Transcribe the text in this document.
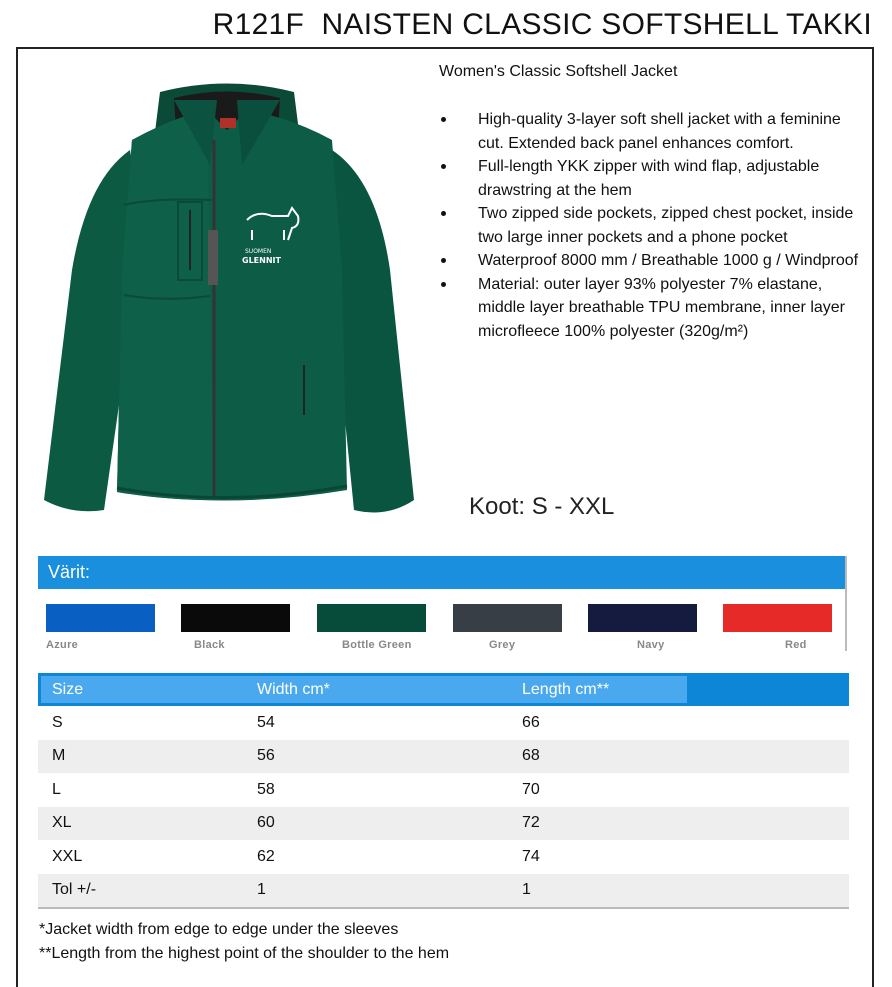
R121F  NAISTEN CLASSIC SOFTSHELL TAKKI
SUOMEN
GLENNIT
Women's Classic Softshell Jacket
High-quality 3-layer soft shell jacket with a feminine cut. Extended back panel enhances comfort.
Full-length YKK zipper with wind flap, adjustable drawstring at the hem
Two zipped side pockets, zipped chest pocket, inside two large inner pockets and a phone pocket
Waterproof 8000 mm / Breathable 1000 g / Windproof
Material: outer layer 93% polyester 7% elastane, middle layer breathable TPU membrane, inner layer microfleece 100% polyester (320g/m²)
Koot: S - XXL
Värit:
Azure	Black	Bottle Green	Grey	Navy	Red
Size	Width cm*	Length cm**
S	54	66
M	56	68
L	58	70
XL	60	72
XXL	62	74
Tol +/-	1	1
*Jacket width from edge to edge under the sleeves
**Length from the highest point of the shoulder to the hem
